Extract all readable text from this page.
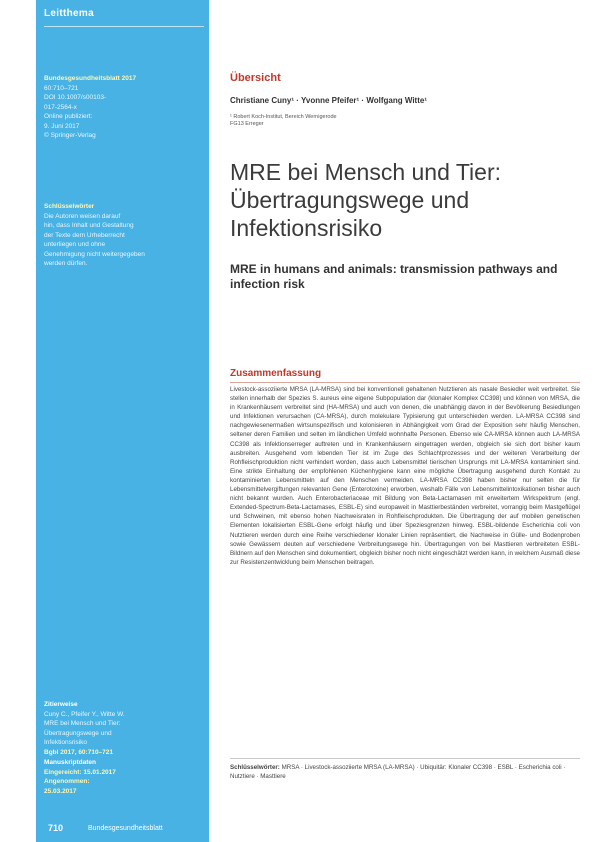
Leitthema
Bundesgesundheitsblatt 2017
60:710–721
DOI 10.1007/s00103-
017-2564-x
Online publiziert:
9. Juni 2017
© Springer-Verlag
Schlüsselwörter
Die Autoren weisen darauf
hin, dass Inhalt und Gestaltung
der Texte dem Urheberrecht
unterliegen und ohne
Genehmigung nicht weitergegeben
werden dürfen.
Zitierweise
Cuny C., Pfeifer Y., Witte W.
MRE bei Mensch und Tier:
Übertragungswege und
Infektionsrisiko
Bgbl 2017, 60:710–721
Manuskriptdaten
Eingereicht: 15.01.2017
Angenommen:
25.03.2017
710	Bundesgesundheitsblatt
Übersicht
Christiane Cuny¹ · Yvonne Pfeifer¹ · Wolfgang Witte¹
¹ Robert Koch-Institut, Bereich Wernigerode
FG13 Erreger
MRE bei Mensch und Tier: Übertragungswege und Infektionsrisiko
MRE in humans and animals: transmission pathways and infection risk
Zusammenfassung
Livestock-assoziierte MRSA (LA-MRSA) sind bei konventionell gehaltenen Nutztieren als nasale Besiedler weit verbreitet. Sie stellen innerhalb der Spezies S. aureus eine eigene Subpopulation dar (klonaler Komplex CC398) und können von MRSA, die in Krankenhäusern verbreitet sind (HA-MRSA) und auch von denen, die unabhängig davon in der Bevölkerung Besiedlungen und Infektionen verursachen (CA-MRSA), durch molekulare Typisierung gut unterschieden werden. LA-MRSA CC398 sind nachgewiesenermaßen wirtsunspezifisch und kolonisieren in Abhängigkeit vom Grad der Exposition sehr häufig Menschen, seltener deren Familien und selten im ländlichen Umfeld wohnhafte Personen. Ebenso wie CA-MRSA können auch LA-MRSA CC398 als Infektionserreger auftreten und in Krankenhäusern eingetragen werden, obgleich sie sich dort bisher kaum ausbreiten. Ausgehend vom lebenden Tier ist im Zuge des Schlachtprozesses und der weiteren Verarbeitung der Rohfleischproduktion nicht verhindert worden, dass auch Lebensmittel tierischen Ursprungs mit LA-MRSA kontaminiert sind. Eine strikte Einhaltung der empfohlenen Küchenhygiene kann eine mögliche Übertragung ausgehend durch Kontakt zu kontaminierten Lebensmitteln auf den Menschen vermeiden. LA-MRSA CC398 haben bisher nur selten die für Lebensmittelvergiftungen relevanten Gene (Enterotoxine) erworben, weshalb Fälle von Lebensmittelintoxikationen bisher auch nicht bekannt wurden. Auch Enterobacteriaceae mit Bildung von Beta-Lactamasen mit erweitertem Wirkspektrum (engl. Extended-Spectrum-Beta-Lactamases, ESBL-E) sind europaweit in Masttierbeständen verbreitet, vorrangig beim Mastgeflügel und Schweinen, mit ebenso hohen Nachweisraten in Rohfleischprodukten. Die Übertragung der auf mobilen genetischen Elementen lokalisierten ESBL-Gene erfolgt häufig und über Speziesgrenzen hinweg. ESBL-bildende Escherichia coli von Nutztieren werden durch eine Reihe verschiedener klonaler Linien repräsentiert, die Nachweise in Gülle- und Bodenproben sowie Gewässern deuten auf verschiedene Verbreitungswege hin. Übertragungen von bei Masttieren verbreiteten ESBL-Bildnern auf den Menschen sind dokumentiert, obgleich bisher noch nicht eingeschätzt werden kann, in welchem Ausmaß diese zur Resistenzentwicklung beim Menschen beitragen.
Schlüsselwörter: MRSA · Livestock-assoziierte MRSA (LA-MRSA) · Ubiquitär: Klonaler CC398 · ESBL · Escherichia coli · Nutztiere · Masttiere
